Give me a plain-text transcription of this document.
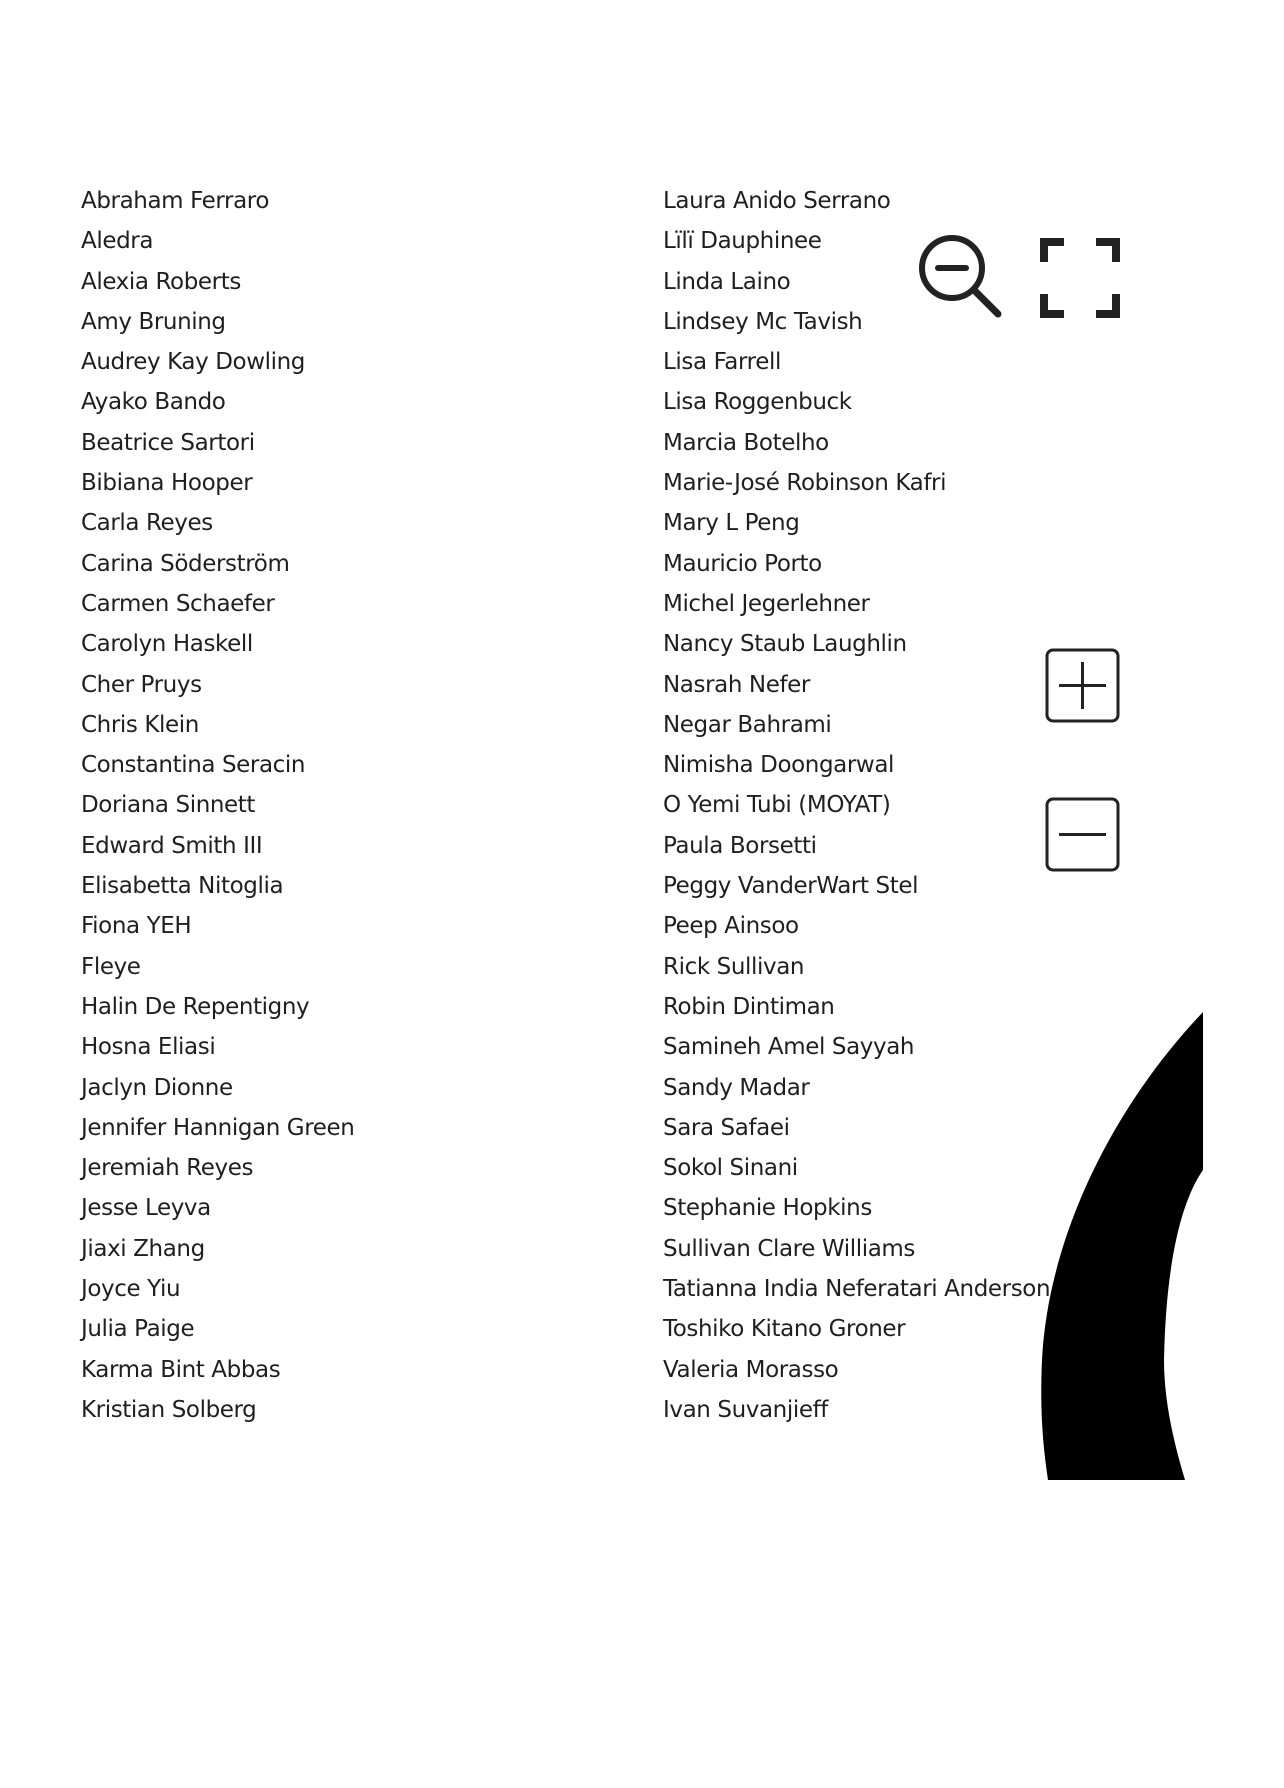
Abraham Ferraro
Aledra
Alexia Roberts
Amy Bruning
Audrey Kay Dowling
Ayako Bando
Beatrice Sartori
Bibiana Hooper
Carla Reyes
Carina Söderström
Carmen Schaefer
Carolyn Haskell
Cher Pruys
Chris Klein
Constantina Seracin
Doriana Sinnett
Edward Smith III
Elisabetta Nitoglia
Fiona YEH
Fleye
Halin De Repentigny
Hosna Eliasi
Jaclyn Dionne
Jennifer Hannigan Green
Jeremiah Reyes
Jesse Leyva
Jiaxi Zhang
Joyce Yiu
Julia Paige
Karma Bint Abbas
Kristian Solberg
Laura Anido Serrano
Lïlï Dauphinee
Linda Laino
Lindsey Mc Tavish
Lisa Farrell
Lisa Roggenbuck
Marcia Botelho
Marie-José Robinson Kafri
Mary L Peng
Mauricio Porto
Michel Jegerlehner
Nancy Staub Laughlin
Nasrah Nefer
Negar Bahrami
Nimisha Doongarwal
O Yemi Tubi (MOYAT)
Paula Borsetti
Peggy VanderWart Stel
Peep Ainsoo
Rick Sullivan
Robin Dintiman
Samineh Amel Sayyah
Sandy Madar
Sara Safaei
Sokol Sinani
Stephanie Hopkins
Sullivan Clare Williams
Tatianna India Neferatari Anderson
Toshiko Kitano Groner
Valeria Morasso
Ivan Suvanjieff
